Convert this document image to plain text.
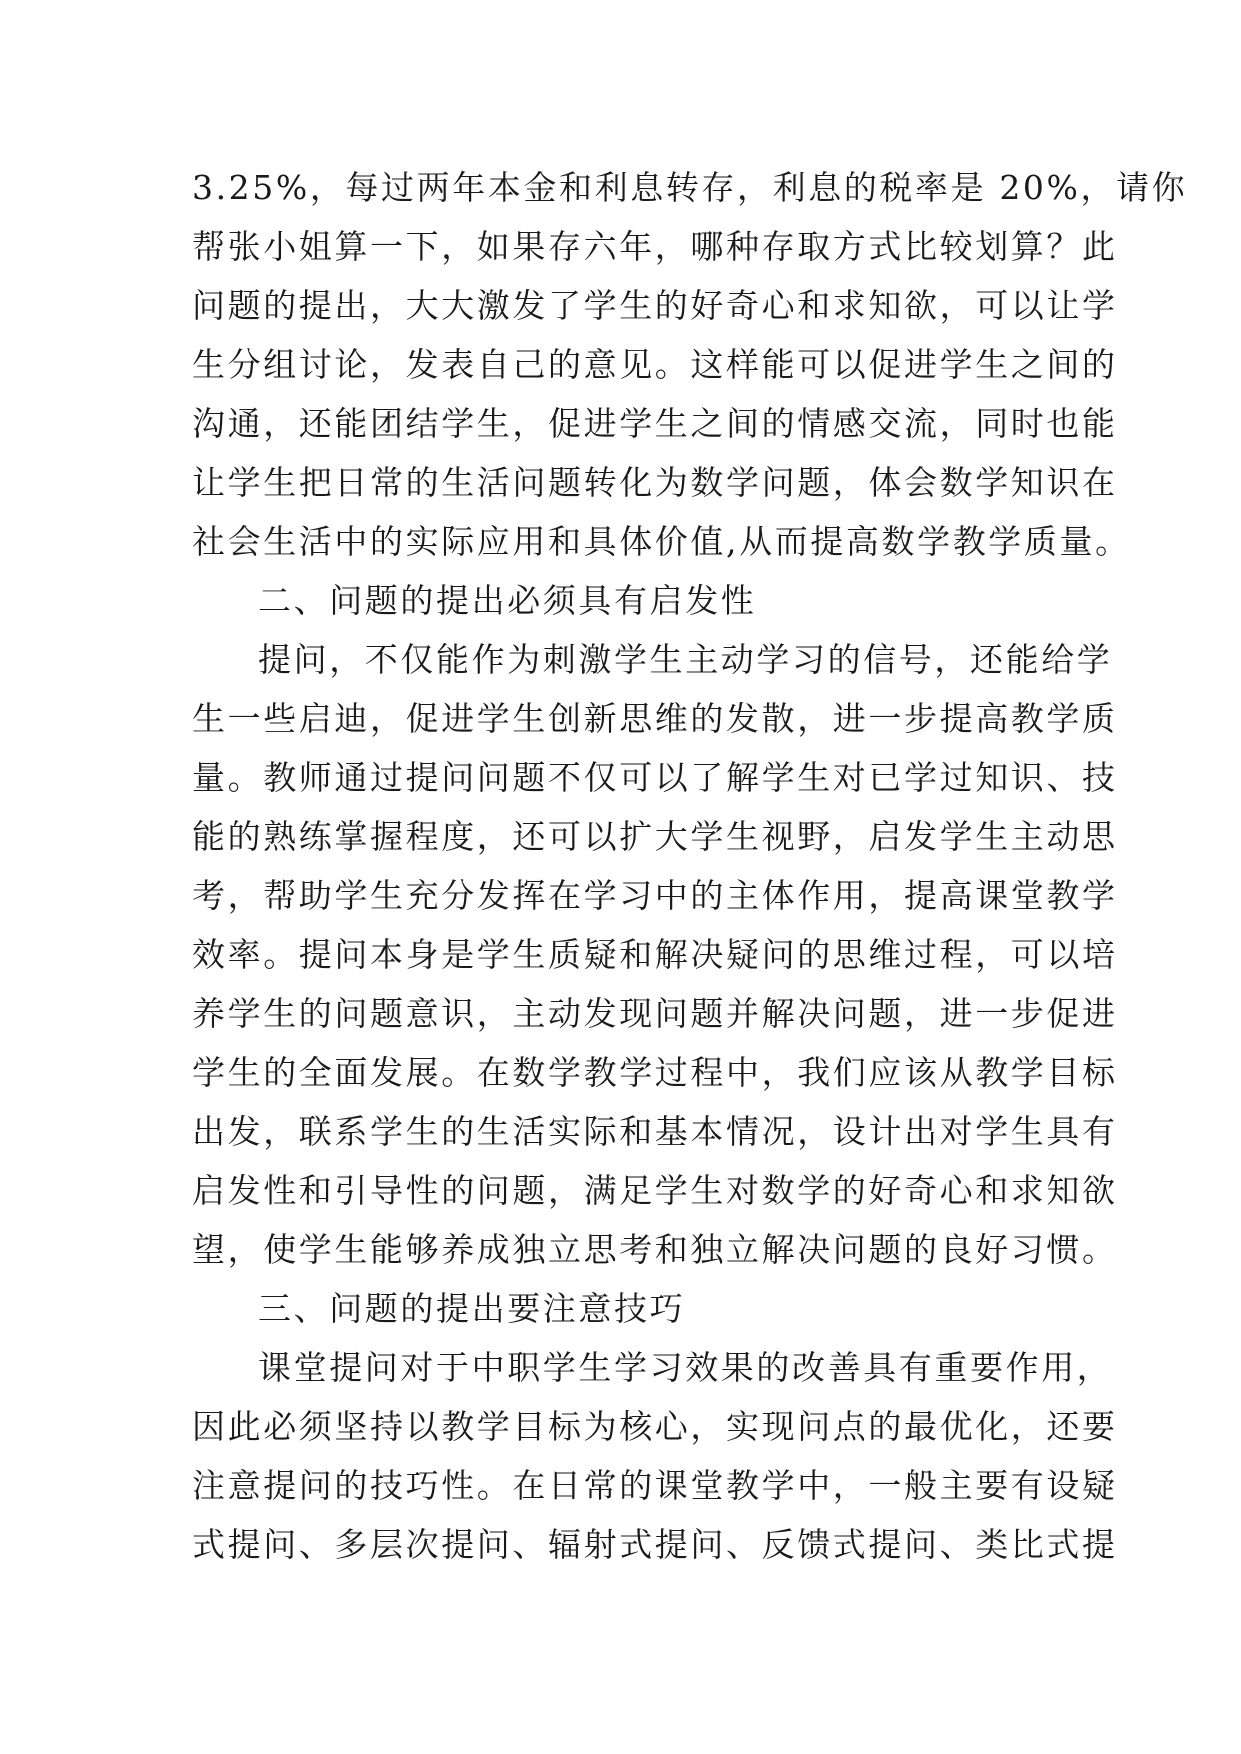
3.25%，每过两年本金和利息转存，利息的税率是 20%，请你
帮张小姐算一下，如果存六年，哪种存取方式比较划算？此
问题的提出，大大激发了学生的好奇心和求知欲，可以让学
生分组讨论，发表自己的意见。这样能可以促进学生之间的
沟通，还能团结学生，促进学生之间的情感交流，同时也能
让学生把日常的生活问题转化为数学问题，体会数学知识在
社会生活中的实际应用和具体价值,从而提高数学教学质量。
二、问题的提出必须具有启发性
提问，不仅能作为刺激学生主动学习的信号，还能给学
生一些启迪，促进学生创新思维的发散，进一步提高教学质
量。教师通过提问问题不仅可以了解学生对已学过知识、技
能的熟练掌握程度，还可以扩大学生视野，启发学生主动思
考，帮助学生充分发挥在学习中的主体作用，提高课堂教学
效率。提问本身是学生质疑和解决疑问的思维过程，可以培
养学生的问题意识，主动发现问题并解决问题，进一步促进
学生的全面发展。在数学教学过程中，我们应该从教学目标
出发，联系学生的生活实际和基本情况，设计出对学生具有
启发性和引导性的问题，满足学生对数学的好奇心和求知欲
望，使学生能够养成独立思考和独立解决问题的良好习惯。
三、问题的提出要注意技巧
课堂提问对于中职学生学习效果的改善具有重要作用，
因此必须坚持以教学目标为核心，实现问点的最优化，还要
注意提问的技巧性。在日常的课堂教学中，一般主要有设疑
式提问、多层次提问、辐射式提问、反馈式提问、类比式提
